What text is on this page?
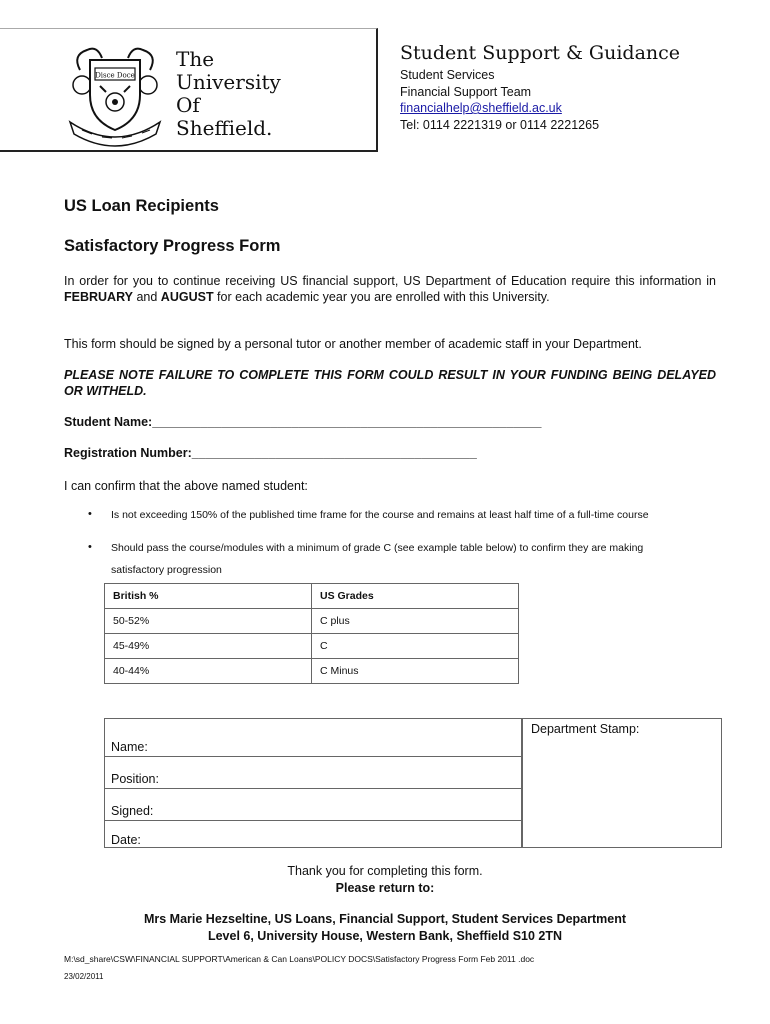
Disce Doce
The
University
Of
Sheffield.
Student Support & Guidance
Student Services
Financial Support Team
financialhelp@sheffield.ac.uk
Tel: 0114 2221319 or 0114 2221265
US Loan Recipients
Satisfactory Progress Form
In order for you to continue receiving US financial support, US Department of Education require this information in FEBRUARY and AUGUST for each academic year you are enrolled with this University.
This form should be signed by a personal tutor or another member of academic staff in your Department.
PLEASE NOTE FAILURE TO COMPLETE THIS FORM COULD RESULT IN YOUR FUNDING BEING DELAYED OR WITHELD.
Student Name:________________________________________________________
Registration Number:_________________________________________
I can confirm that the above named student:
• Is not exceeding 150% of the published time frame for the course and remains at least half time of a full-time course
• Should pass the course/modules with a minimum of grade C (see example table below) to confirm they are making
satisfactory progression
British %	US Grades
50-52%	C plus
45-49%	C
40-44%	C Minus
Name:
Position:
Signed:
Date:
Department Stamp:
Thank you for completing this form.
Please return to:
Mrs Marie Hezseltine, US Loans, Financial Support, Student Services Department
Level 6, University House, Western Bank, Sheffield S10 2TN
M:\sd_share\CSW\FINANCIAL SUPPORT\American & Can Loans\POLICY DOCS\Satisfactory Progress Form Feb 2011 .doc
23/02/2011
